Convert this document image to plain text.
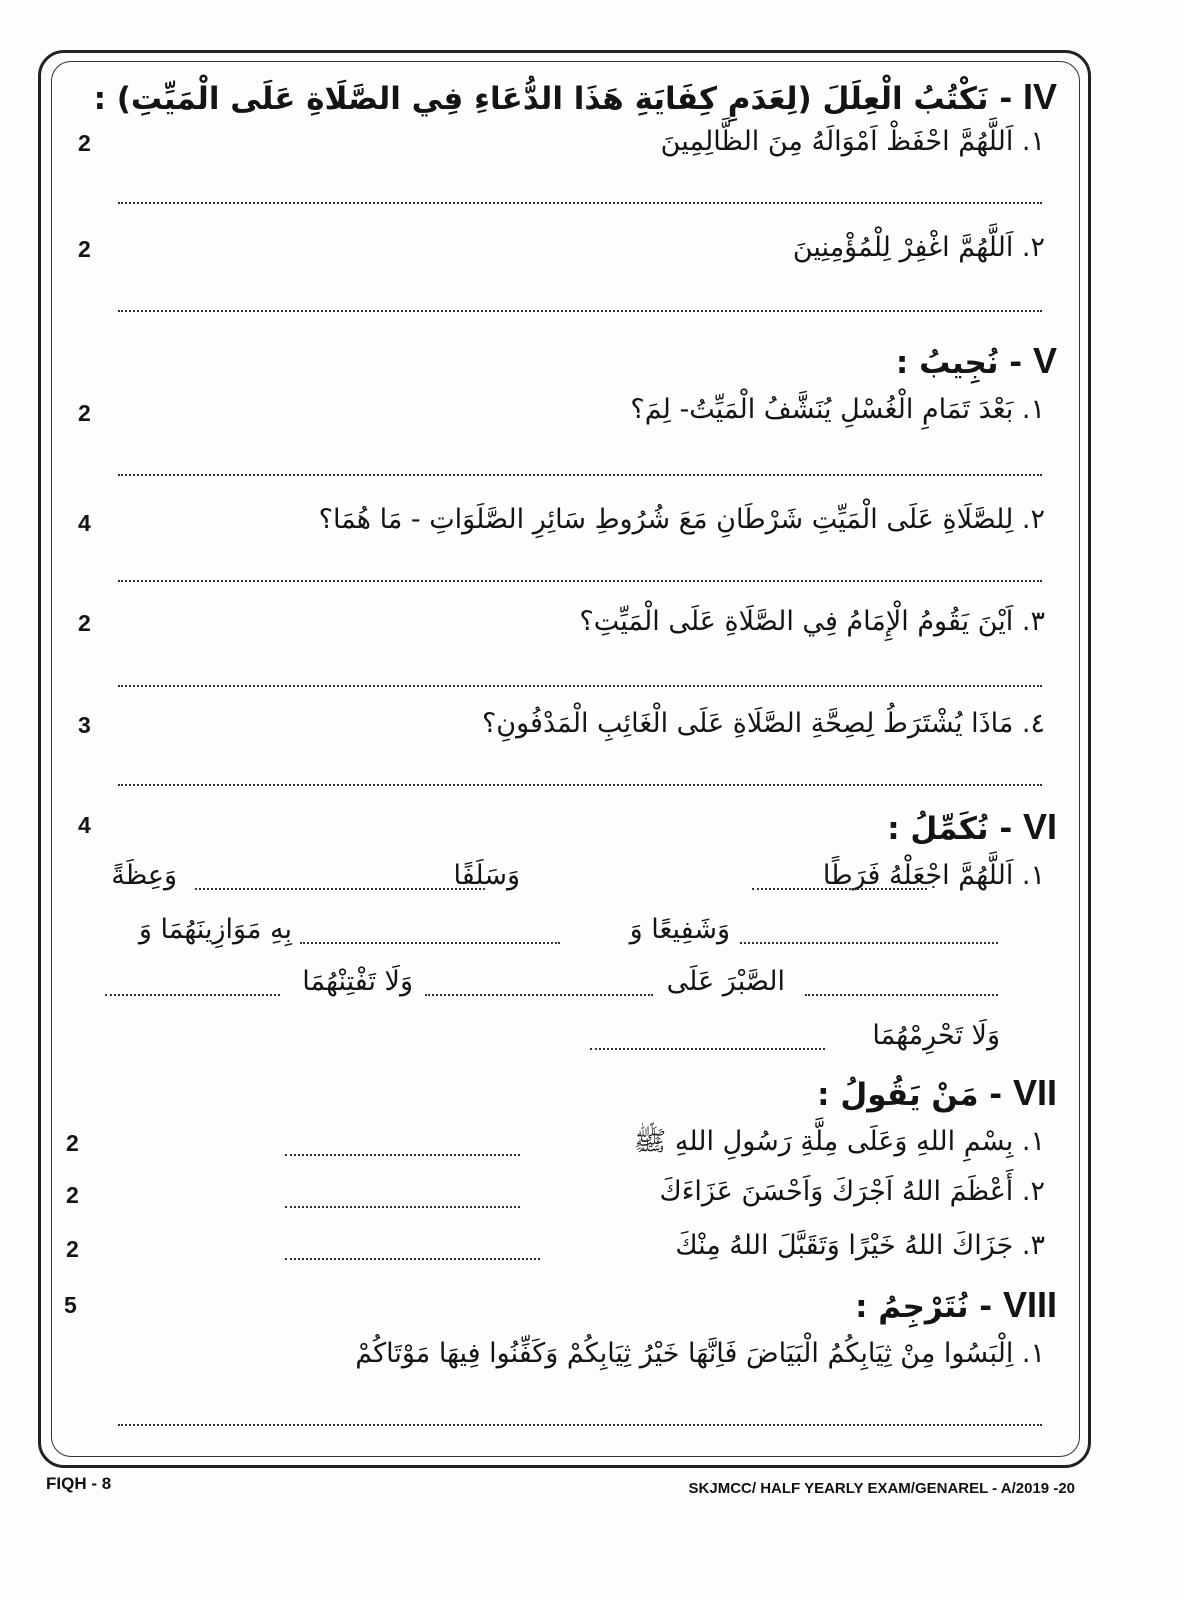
IV - نَكْتُبُ الْعِلَلَ (لِعَدَمِ كِفَايَةِ هَذَا الدُّعَاءِ فِي الصَّلَاةِ عَلَى الْمَيِّتِ) :
١. اَللَّهُمَّ احْفَظْ اَمْوَالَهُ مِنَ الظَّالِمِينَ
2
٢. اَللَّهُمَّ اغْفِرْ لِلْمُؤْمِنِينَ
2
V - نُجِيبُ :
١. بَعْدَ تَمَامِ الْغُسْلِ يُنَشَّفُ الْمَيِّتُ- لِمَ؟
2
٢. لِلصَّلَاةِ عَلَى الْمَيِّتِ شَرْطَانِ مَعَ شُرُوطِ سَائِرِ الصَّلَوَاتِ - مَا هُمَا؟
4
٣. اَيْنَ يَقُومُ الْإِمَامُ فِي الصَّلَاةِ عَلَى الْمَيِّتِ؟
2
٤. مَاذَا يُشْتَرَطُ لِصِحَّةِ الصَّلَاةِ عَلَى الْغَائِبِ الْمَدْفُونِ؟
3
VI - نُكَمِّلُ :
4
١. اَللَّهُمَّ اجْعَلْهُ فَرَطًا
وَسَلَفًا
وَعِظَةً
وَشَفِيعًا وَ
بِهِ مَوَازِينَهُمَا وَ
الصَّبْرَ عَلَى
وَلَا تَفْتِنْهُمَا
وَلَا تَحْرِمْهُمَا
VII - مَنْ يَقُولُ :
١. بِسْمِ اللهِ وَعَلَى مِلَّةِ رَسُولِ اللهِ ﷺ
2
٢. أَعْظَمَ اللهُ اَجْرَكَ وَاَحْسَنَ عَزَاءَكَ
2
٣. جَزَاكَ اللهُ خَيْرًا وَتَقَبَّلَ اللهُ مِنْكَ
2
VIII - نُتَرْجِمُ :
5
١. اِلْبَسُوا مِنْ ثِيَابِكُمُ الْبَيَاضَ فَاِنَّهَا خَيْرُ ثِيَابِكُمْ وَكَفِّنُوا فِيهَا مَوْتَاكُمْ
FIQH - 8	SKJMCC/ HALF YEARLY EXAM/GENAREL - A/2019 -20
